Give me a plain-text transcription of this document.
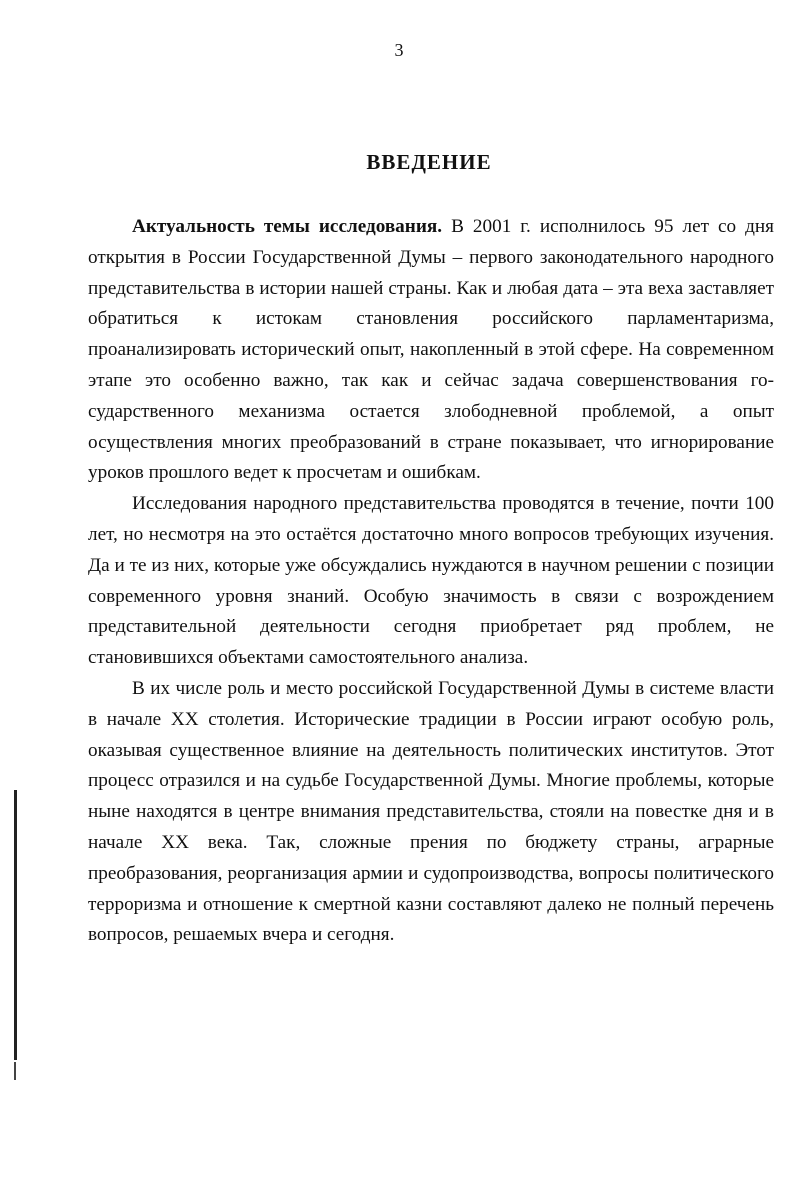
3
ВВЕДЕНИЕ

Актуальность темы исследования. В 2001 г. исполнилось 95 лет со дня открытия в России Государственной Думы – первого законодательного народного представительства в истории нашей страны. Как и любая дата – эта веха заставляет обратиться к истокам становления российского парламентаризма, проанализировать исторический опыт, накопленный в этой сфере. На современном этапе это особенно важно, так как и сейчас задача совершенствования государственного механизма остается злободневной проблемой, а опыт осуществления многих преобразований в стране показывает, что игнорирование уроков прошлого ведет к просчетам и ошибкам.

Исследования народного представительства проводятся в течение, почти 100 лет, но несмотря на это остаётся достаточно много вопросов требующих изучения. Да и те из них, которые уже обсуждались нуждаются в научном решении с позиции современного уровня знаний. Особую значимость в связи с возрождением представительной деятельности сегодня приобретает ряд проблем, не становившихся объектами самостоятельного анализа.

В их числе роль и место российской Государственной Думы в системе власти в начале XX столетия. Исторические традиции в России играют особую роль, оказывая существенное влияние на деятельность политических институтов. Этот процесс отразился и на судьбе Государственной Думы. Многие проблемы, которые ныне находятся в центре внимания представительства, стояли на повестке дня и в начале XX века. Так, сложные прения по бюджету страны, аграрные преобразования, реорганизация армии и судопроизводства, вопросы политического терроризма и отношение к смертной казни составляют далеко не полный перечень вопросов, решаемых вчера и сегодня.
